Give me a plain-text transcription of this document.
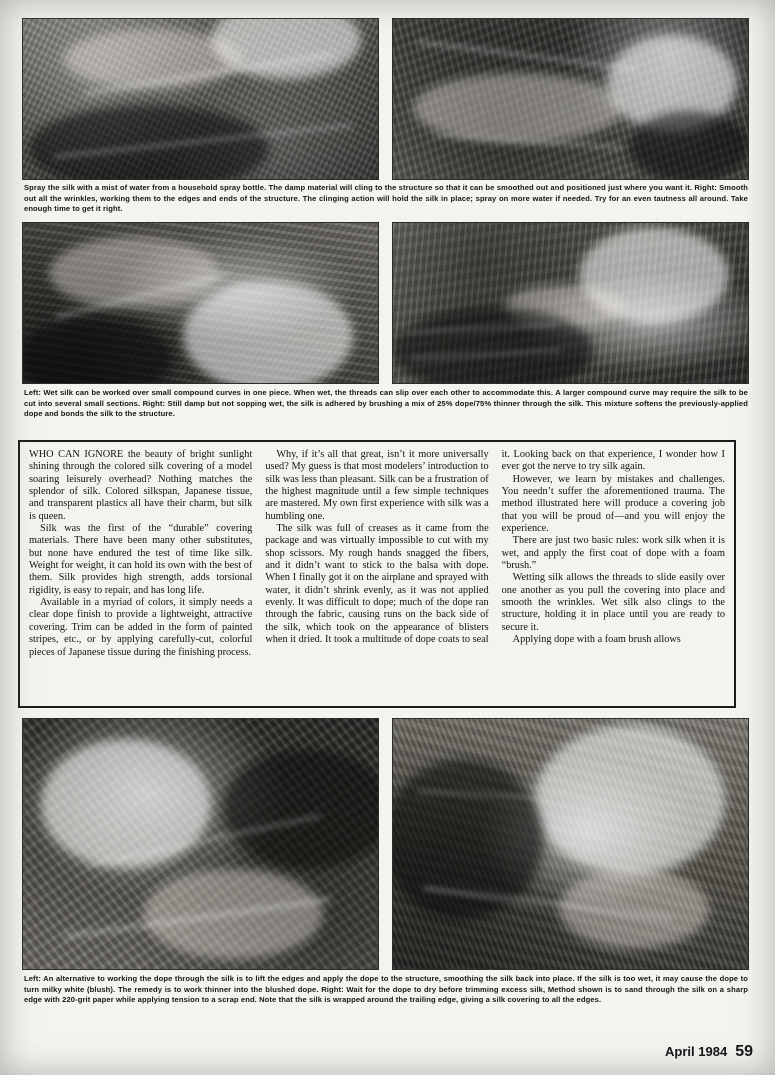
Spray the silk with a mist of water from a household spray bottle. The damp material will cling to the structure so that it can be smoothed out and positioned just where you want it. Right: Smooth out all the wrinkles, working them to the edges and ends of the structure. The clinging action will hold the silk in place; spray on more water if needed. Try for an even tautness all around. Take enough time to get it right.
Left: Wet silk can be worked over small compound curves in one piece. When wet, the threads can slip over each other to accommodate this. A larger compound curve may require the silk to be cut into several small sections. Right: Still damp but not sopping wet, the silk is adhered by brushing a mix of 25% dope/75% thinner through the silk. This mixture softens the previously-applied dope and bonds the silk to the structure.

WHO CAN IGNORE the beauty of bright sunlight shining through the colored silk covering of a model soaring leisurely overhead? Nothing matches the splendor of silk. Colored silkspan, Japanese tissue, and transparent plastics all have their charm, but silk is queen.

Silk was the first of the “durable” covering materials. There have been many other substitutes, but none have endured the test of time like silk. Weight for weight, it can hold its own with the best of them. Silk provides high strength, adds torsional rigidity, is easy to repair, and has long life.

Available in a myriad of colors, it simply needs a clear dope finish to provide a lightweight, attractive covering. Trim can be added in the form of painted stripes, etc., or by applying carefully-cut, colorful pieces of Japanese tissue during the finishing process.

Why, if it’s all that great, isn’t it more universally used? My guess is that most modelers’ introduction to silk was less than pleasant. Silk can be a frustration of the highest magnitude until a few simple techniques are mastered. My own first experience with silk was a humbling one.

The silk was full of creases as it came from the package and was virtually impossible to cut with my shop scissors. My rough hands snagged the fibers, and it didn’t want to stick to the balsa with dope. When I finally got it on the airplane and sprayed with water, it didn’t shrink evenly, as it was not applied evenly. It was difficult to dope; much of the dope ran through the fabric, causing runs on the back side of the silk, which took on the appearance of blisters when it dried. It took a multitude of dope coats to seal it. Looking back on that experience, I wonder how I ever got the nerve to try silk again.

However, we learn by mistakes and challenges. You needn’t suffer the aforementioned trauma. The method illustrated here will produce a covering job that you will be proud of—and you will enjoy the experience.

There are just two basic rules: work silk when it is wet, and apply the first coat of dope with a foam “brush.”

Wetting silk allows the threads to slide easily over one another as you pull the covering into place and smooth the wrinkles. Wet silk also clings to the structure, holding it in place until you are ready to secure it.

Applying dope with a foam brush allows

Left: An alternative to working the dope through the silk is to lift the edges and apply the dope to the structure, smoothing the silk back into place. If the silk is too wet, it may cause the dope to turn milky white (blush). The remedy is to work thinner into the blushed dope. Right: Wait for the dope to dry before trimming excess silk, Method shown is to sand through the silk on a sharp edge with 220-grit paper while applying tension to a scrap end. Note that the silk is wrapped around the trailing edge, giving a silk covering to all the edges.
April 1984 59
